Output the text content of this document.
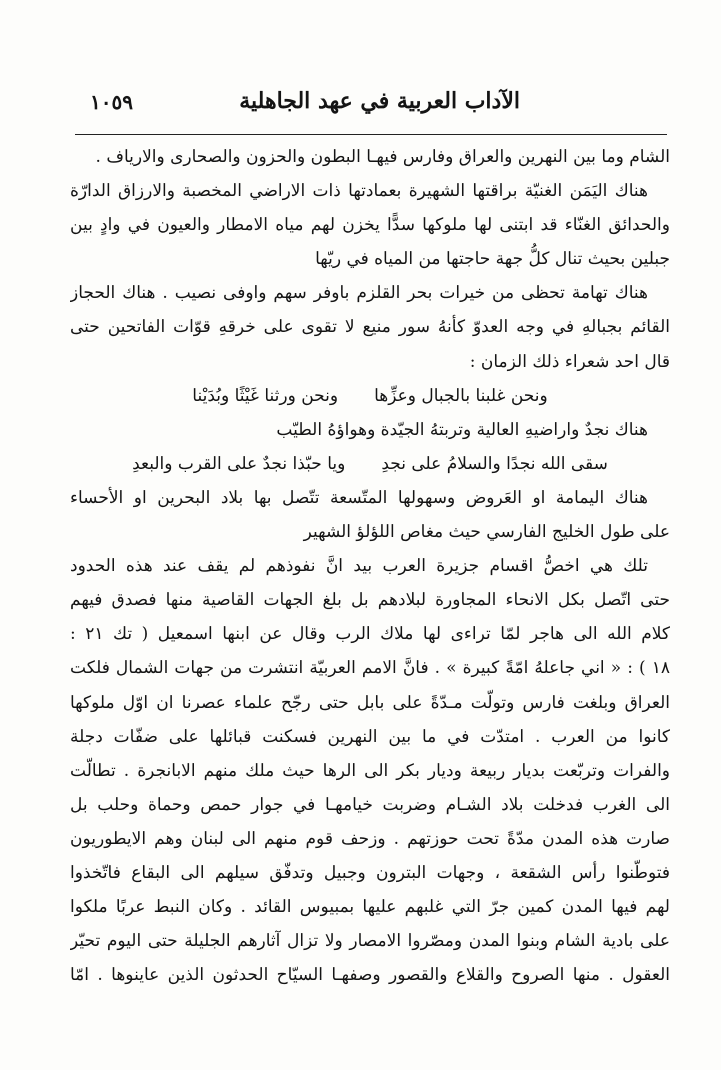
الآداب العربية في عهد الجاهلية
١٠٥٩
الشام وما بين النهرين والعراق وفارس فيهـا البطون والحزون والصحارى والارياف .
هناك اليَمَن الغنيّة براقتها الشهيرة بعمادتها ذات الاراضي المخصبة والارزاق الدارّة
والحدائق الغنّاء قد ابتنى لها ملوكها سدًّا يخزن لهم مياه الامطار والعيون في وادٍ بين
جبلين بحيث تنال كلُّ جهة حاجتها من المياه في ريّها
هناك تهامة تحظى من خيرات بحر القلزم باوفر سهم واوفى نصيب . هناك الحجاز
القائم بجبالهِ في وجه العدوّ كأنهُ سور منيع لا تقوى على خرقهِ قوّات الفاتحين حتى
قال احد شعراء ذلك الزمان :
ونحن غلبنا بالجبال وعزِّهاونحن ورثنا غَيْثًا وبُدَيْنا
هناك نجدٌ واراضيهِ العالية وتربتهُ الجيّدة وهواؤهُ الطيّب
سقى الله نجدًا والسلامُ على نجدِويا حبّذا نجدٌ على القرب والبعدِ
هناك اليمامة او العَروض وسهولها المتّسعة تتّصل بها بلاد البحرين او الأحساء
على طول الخليج الفارسي حيث مغاص اللؤلؤ الشهير
تلك هي اخصُّ اقسام جزيرة العرب بيد انَّ نفوذهم لم يقف عند هذه الحدود
حتى اتّصل بكل الانحاء المجاورة لبلادهم بل بلغ الجهات القاصية منها فصدق فيهم
كلام الله الى هاجر لمّا تراءى لها ملاك الرب وقال عن ابنها اسمعيل ( تك ٢١ :
١٨ ) : « اني جاعلهُ امّةً كبيرة » . فانَّ الامم العربيّة انتشرت من جهات الشمال فلكت
العراق وبلغت فارس وتولّت مـدّةً على بابل حتى رجّح علماء عصرنا ان اوّل ملوكها
كانوا من العرب . امتدّت في ما بين النهرين فسكنت قبائلها على ضفّات دجلة
والفرات وتربّعت بديار ربيعة وديار بكر الى الرها حيث ملك منهم الابانجرة . تطالّت
الى الغرب فدخلت بلاد الشـام وضربت خيامهـا في جوار حمص وحماة وحلب بل
صارت هذه المدن مدّةً تحت حوزتهم . وزحف قوم منهم الى لبنان وهم الايطوريون
فتوطّنوا رأس الشقعة ، وجهات البترون وجبيل وتدفّق سيلهم الى البقاع فاتّخذوا
لهم فيها المدن كمين جرّ التي غلبهم عليها بمبيوس القائد . وكان النبط عربًا ملكوا
على بادية الشام وبنوا المدن ومصّروا الامصار ولا تزال آثارهم الجليلة حتى اليوم تحيّر
العقول . منها الصروح والقلاع والقصور وصفهـا السيّاح الحدثون الذين عاينوها . امّا
